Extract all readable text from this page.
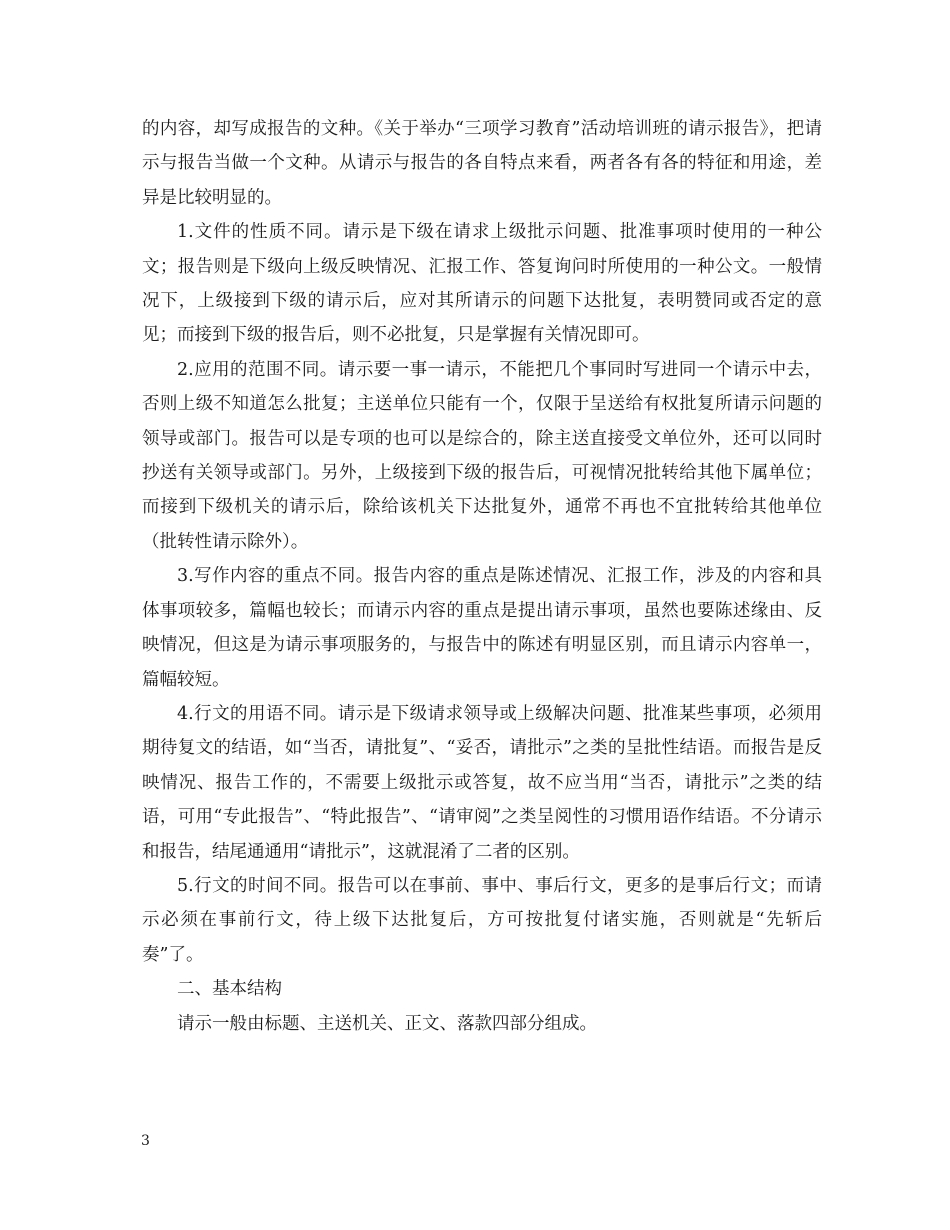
的内容，却写成报告的文种。《关于举办“三项学习教育”活动培训班的请示报告》，把请示与报告当做一个文种。从请示与报告的各自特点来看，两者各有各的特征和用途，差异是比较明显的。

1.文件的性质不同。请示是下级在请求上级批示问题、批准事项时使用的一种公文；报告则是下级向上级反映情况、汇报工作、答复询问时所使用的一种公文。一般情况下，上级接到下级的请示后，应对其所请示的问题下达批复，表明赞同或否定的意见；而接到下级的报告后，则不必批复，只是掌握有关情况即可。

2.应用的范围不同。请示要一事一请示，不能把几个事同时写进同一个请示中去，否则上级不知道怎么批复；主送单位只能有一个，仅限于呈送给有权批复所请示问题的领导或部门。报告可以是专项的也可以是综合的，除主送直接受文单位外，还可以同时抄送有关领导或部门。另外，上级接到下级的报告后，可视情况批转给其他下属单位；而接到下级机关的请示后，除给该机关下达批复外，通常不再也不宜批转给其他单位（批转性请示除外）。

3.写作内容的重点不同。报告内容的重点是陈述情况、汇报工作，涉及的内容和具体事项较多，篇幅也较长；而请示内容的重点是提出请示事项，虽然也要陈述缘由、反映情况，但这是为请示事项服务的，与报告中的陈述有明显区别，而且请示内容单一，篇幅较短。

4.行文的用语不同。请示是下级请求领导或上级解决问题、批准某些事项，必须用期待复文的结语，如“当否，请批复”、“妥否，请批示”之类的呈批性结语。而报告是反映情况、报告工作的，不需要上级批示或答复，故不应当用“当否，请批示”之类的结语，可用“专此报告”、“特此报告”、“请审阅”之类呈阅性的习惯用语作结语。不分请示和报告，结尾通通用“请批示”，这就混淆了二者的区别。

5.行文的时间不同。报告可以在事前、事中、事后行文，更多的是事后行文；而请示必须在事前行文，待上级下达批复后，方可按批复付诸实施，否则就是“先斩后奏”了。

二、基本结构

请示一般由标题、主送机关、正文、落款四部分组成。

3
